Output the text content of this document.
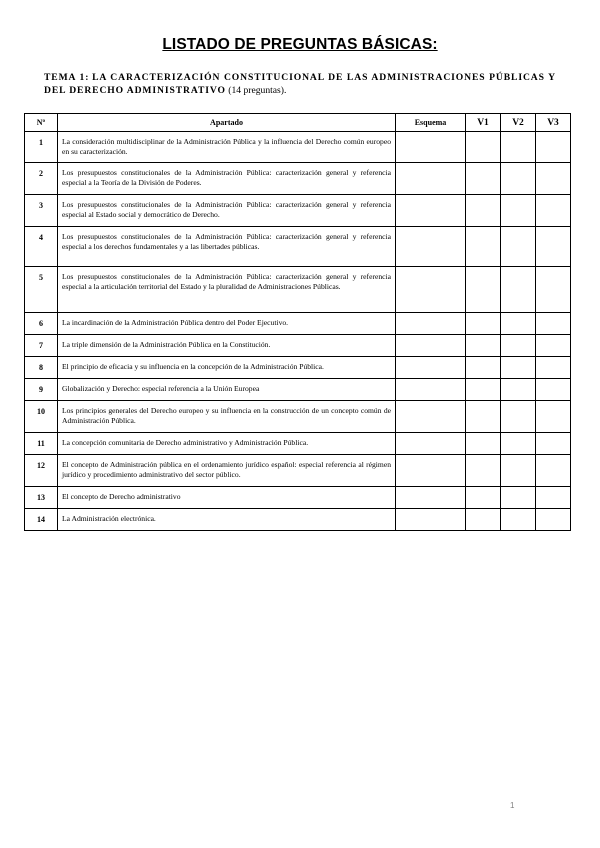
LISTADO DE PREGUNTAS BÁSICAS:
TEMA 1: LA CARACTERIZACIÓN CONSTITUCIONAL DE LAS ADMINISTRACIONES PÚBLICAS Y DEL DERECHO ADMINISTRATIVO (14 preguntas).
Nº	Apartado	Esquema	V1	V2	V3
1	La consideración multidisciplinar de la Administración Pública y la influencia del Derecho común europeo en su caracterización.				
2	Los presupuestos constitucionales de la Administración Pública: caracterización general y referencia especial a la Teoría de la División de Poderes.				
3	Los presupuestos constitucionales de la Administración Pública: caracterización general y referencia especial al Estado social y democrático de Derecho.				
4	Los presupuestos constitucionales de la Administración Pública: caracterización general y referencia especial a los derechos fundamentales y a las libertades públicas.				
5	Los presupuestos constitucionales de la Administración Pública: caracterización general y referencia especial a la articulación territorial del Estado y la pluralidad de Administraciones Públicas.				
6	La incardinación de la Administración Pública dentro del Poder Ejecutivo.				
7	La triple dimensión de la Administración Pública en la Constitución.				
8	El principio de eficacia y su influencia en la concepción de la Administración Pública.				
9	Globalización y Derecho: especial referencia a la Unión Europea				
10	Los principios generales del Derecho europeo y su influencia en la construcción de un concepto común de Administración Pública.				
11	La concepción comunitaria de Derecho administrativo y Administración Pública.				
12	El concepto de Administración pública en el ordenamiento jurídico español: especial referencia al régimen jurídico y procedimiento administrativo del sector público.				
13	El concepto de Derecho administrativo				
14	La Administración electrónica.				
1
